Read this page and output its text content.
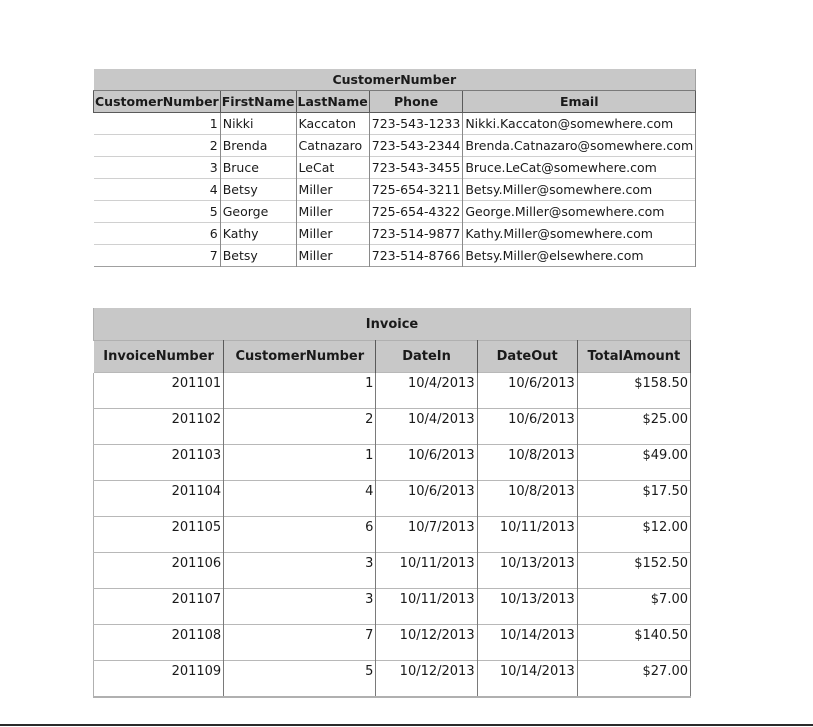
CustomerNumber				
CustomerNumber	FirstName	LastName	Phone	Email
1	Nikki	Kaccaton	723-543-1233	Nikki.Kaccaton@somewhere.com
2	Brenda	Catnazaro	723-543-2344	Brenda.Catnazaro@somewhere.com
3	Bruce	LeCat	723-543-3455	Bruce.LeCat@somewhere.com
4	Betsy	Miller	725-654-3211	Betsy.Miller@somewhere.com
5	George	Miller	725-654-4322	George.Miller@somewhere.com
6	Kathy	Miller	723-514-9877	Kathy.Miller@somewhere.com
7	Betsy	Miller	723-514-8766	Betsy.Miller@elsewhere.com
Invoice				
InvoiceNumber	CustomerNumber	DateIn	DateOut	TotalAmount
201101	1	10/4/2013	10/6/2013	$158.50
201102	2	10/4/2013	10/6/2013	$25.00
201103	1	10/6/2013	10/8/2013	$49.00
201104	4	10/6/2013	10/8/2013	$17.50
201105	6	10/7/2013	10/11/2013	$12.00
201106	3	10/11/2013	10/13/2013	$152.50
201107	3	10/11/2013	10/13/2013	$7.00
201108	7	10/12/2013	10/14/2013	$140.50
201109	5	10/12/2013	10/14/2013	$27.00
